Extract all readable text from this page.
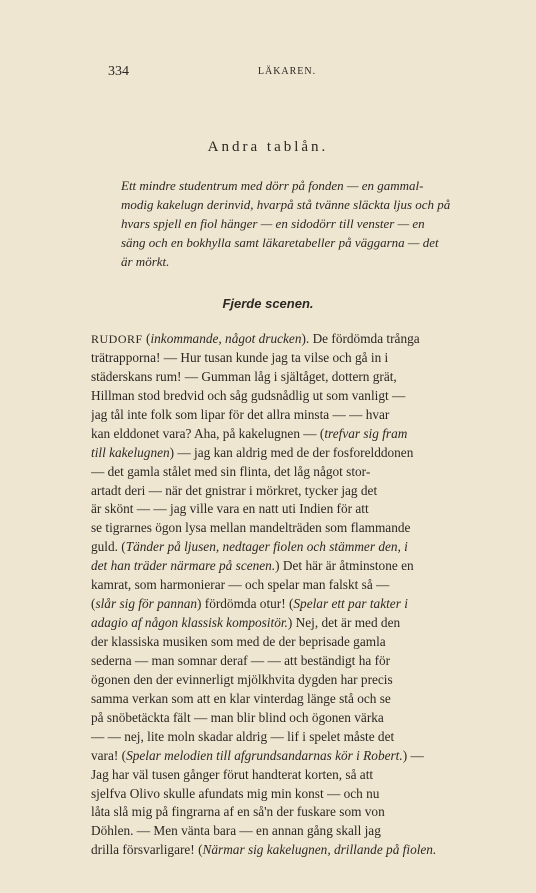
334	LÄKAREN.
Andra tablån.
Ett mindre studentrum med dörr på fonden — en gammal-
modig kakelugn derinvid, hvarpå stå tvänne släckta ljus och på
hvars spjell en fiol hänger — en sidodörr till venster — en
säng och en bokhylla samt läkaretabeller på väggarna — det
är mörkt.
Fjerde scenen.
RUDORF (inkommande, något drucken). De fördömda trånga
trätrapporna! — Hur tusan kunde jag ta vilse och gå in i
städerskans rum! — Gumman låg i själtåget, dottern grät,
Hillman stod bredvid och såg gudsnådlig ut som vanligt —
jag tål inte folk som lipar för det allra minsta — — hvar
kan elddonet vara? Aha, på kakelugnen — (trefvar sig fram
till kakelugnen) — jag kan aldrig med de der fosforelddonen
— det gamla stålet med sin flinta, det låg något stor-
artadt deri — när det gnistrar i mörkret, tycker jag det
är skönt — — jag ville vara en natt uti Indien för att
se tigrarnes ögon lysa mellan mandelträden som flammande
guld. (Tänder på ljusen, nedtager fiolen och stämmer den, i
det han träder närmare på scenen.) Det här är åtminstone en
kamrat, som harmonierar — och spelar man falskt så —
(slår sig för pannan) fördömda otur! (Spelar ett par takter i
adagio af någon klassisk kompositör.) Nej, det är med den
der klassiska musiken som med de der beprisade gamla
sederna — man somnar deraf — — att beständigt ha för
ögonen den der evinnerligt mjölkhvita dygden har precis
samma verkan som att en klar vinterdag länge stå och se
på snöbetäckta fält — man blir blind och ögonen värka
— — nej, lite moln skadar aldrig — lif i spelet måste det
vara! (Spelar melodien till afgrundsandarnas kör i Robert.) —
Jag har väl tusen gånger förut handterat korten, så att
sjelfva Olivo skulle afundats mig min konst — och nu
låta slå mig på fingrarna af en så'n der fuskare som von
Döhlen. — Men vänta bara — en annan gång skall jag
drilla försvarligare! (Närmar sig kakelugnen, drillande på fiolen.
